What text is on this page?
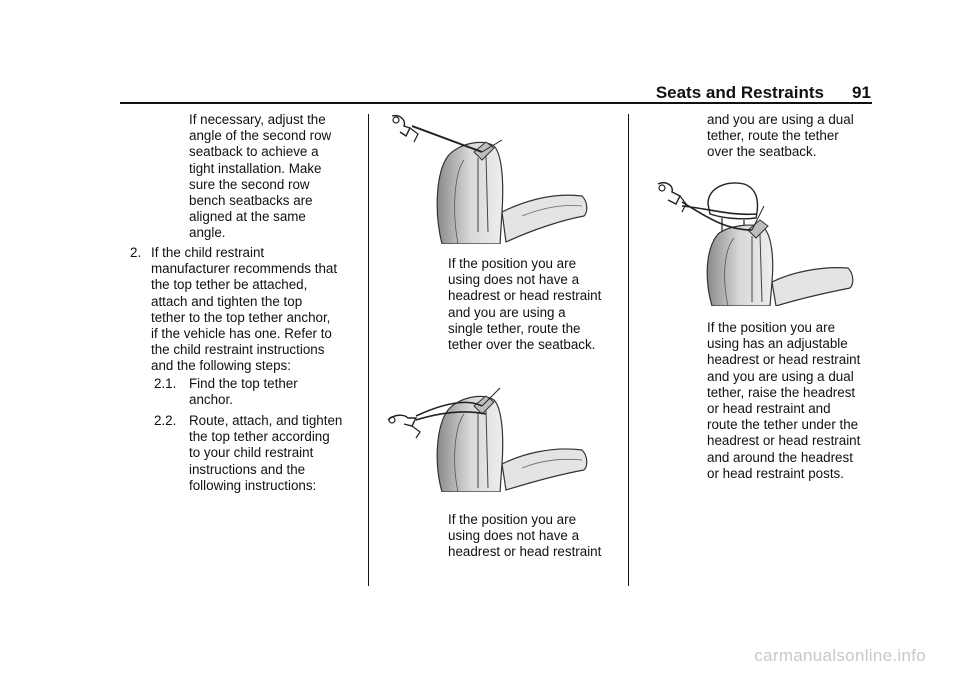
Seats and Restraints 91

If necessary, adjust the

angle of the second row

seatback to achieve a

tight installation. Make

sure the second row

bench seatbacks are

aligned at the same

angle.

2. If the child restraint

manufacturer recommends that

the top tether be attached,

attach and tighten the top

tether to the top tether anchor,

if the vehicle has one. Refer to

the child restraint instructions

and the following steps:

2.1. Find the top tether

anchor.

2.2. Route, attach, and tighten

the top tether according

to your child restraint

instructions and the

following instructions:

If the position you are

using does not have a

headrest or head restraint

and you are using a

single tether, route the

tether over the seatback.

If the position you are

using does not have a

headrest or head restraint

and you are using a dual

tether, route the tether

over the seatback.

If the position you are

using has an adjustable

headrest or head restraint

and you are using a dual

tether, raise the headrest

or head restraint and

route the tether under the

headrest or head restraint

and around the headrest

or head restraint posts.

carmanualsonline.info
